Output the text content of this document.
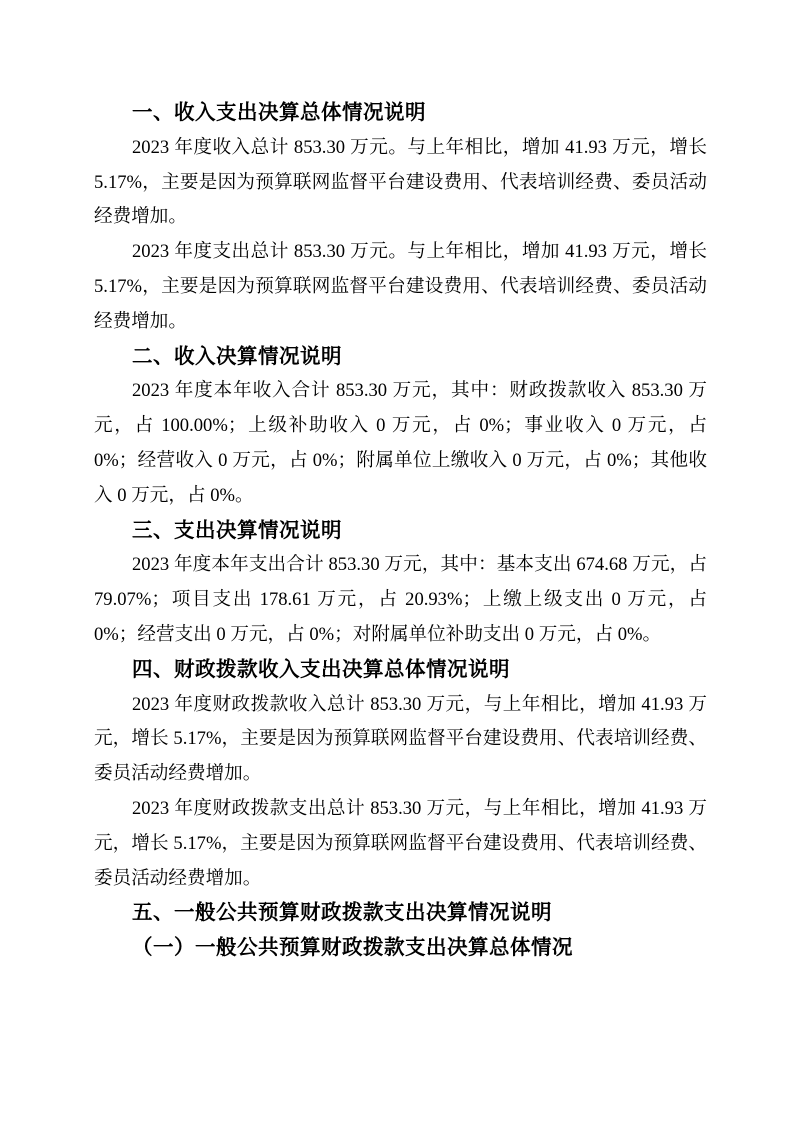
一、收入支出决算总体情况说明

2023 年度收入总计 853.30 万元。与上年相比，增加 41.93 万元，增长 5.17%，主要是因为预算联网监督平台建设费用、代表培训经费、委员活动经费增加。

2023 年度支出总计 853.30 万元。与上年相比，增加 41.93 万元，增长 5.17%，主要是因为预算联网监督平台建设费用、代表培训经费、委员活动经费增加。

二、收入决算情况说明

2023 年度本年收入合计 853.30 万元，其中：财政拨款收入 853.30 万元，占 100.00%；上级补助收入 0 万元，占 0%；事业收入 0 万元，占 0%；经营收入 0 万元，占 0%；附属单位上缴收入 0 万元，占 0%；其他收入 0 万元，占 0%。

三、支出决算情况说明

2023 年度本年支出合计 853.30 万元，其中：基本支出 674.68 万元，占 79.07%；项目支出 178.61 万元，占 20.93%；上缴上级支出 0 万元，占 0%；经营支出 0 万元，占 0%；对附属单位补助支出 0 万元，占 0%。

四、财政拨款收入支出决算总体情况说明

2023 年度财政拨款收入总计 853.30 万元，与上年相比，增加 41.93 万元，增长 5.17%，主要是因为预算联网监督平台建设费用、代表培训经费、委员活动经费增加。

2023 年度财政拨款支出总计 853.30 万元，与上年相比，增加 41.93 万元，增长 5.17%，主要是因为预算联网监督平台建设费用、代表培训经费、委员活动经费增加。

五、一般公共预算财政拨款支出决算情况说明
（一）一般公共预算财政拨款支出决算总体情况
